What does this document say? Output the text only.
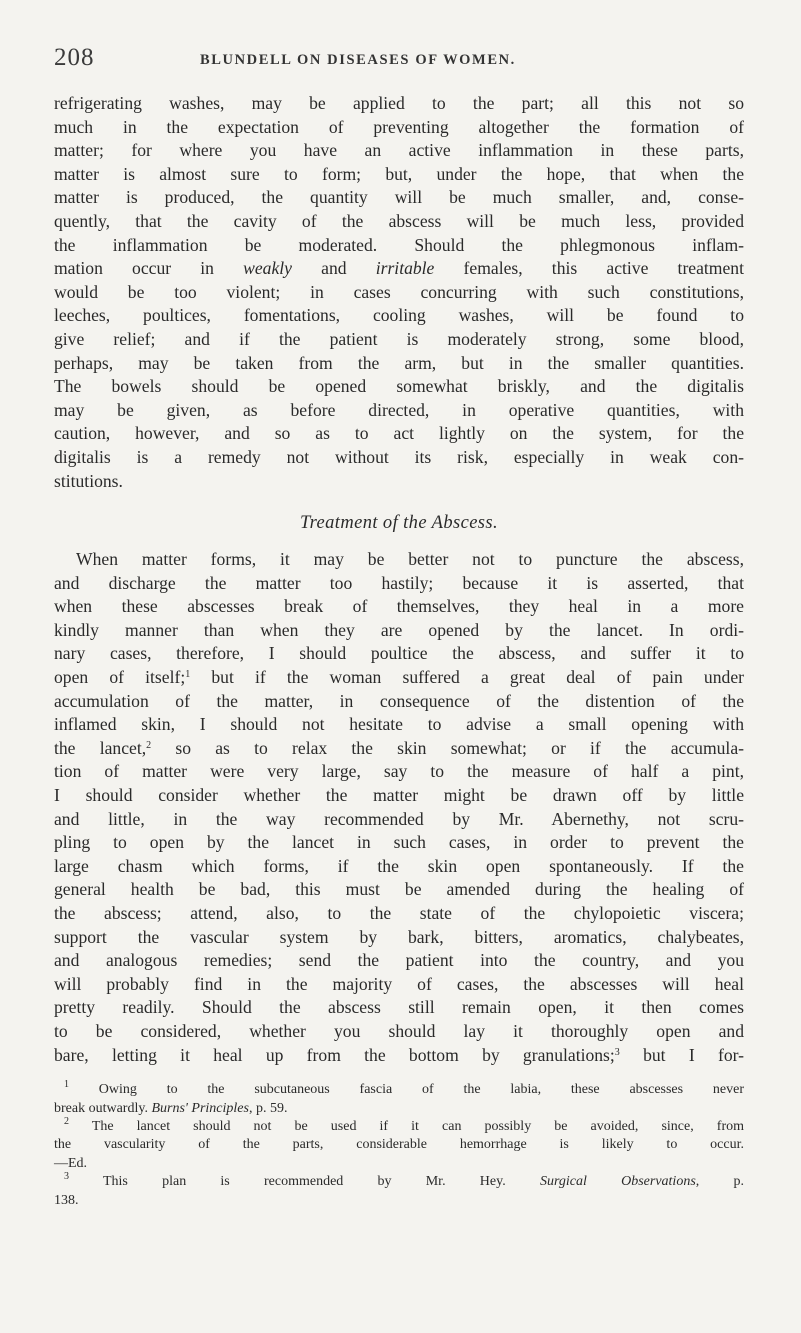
208	BLUNDELL ON DISEASES OF WOMEN.
refrigerating washes, may be applied to the part; all this not so
much in the expectation of preventing altogether the formation of
matter; for where you have an active inflammation in these parts,
matter is almost sure to form; but, under the hope, that when the
matter is produced, the quantity will be much smaller, and, conse-
quently, that the cavity of the abscess will be much less, provided
the inflammation be moderated. Should the phlegmonous inflam-
mation occur in weakly and irritable females, this active treatment
would be too violent; in cases concurring with such constitutions,
leeches, poultices, fomentations, cooling washes, will be found to
give relief; and if the patient is moderately strong, some blood,
perhaps, may be taken from the arm, but in the smaller quantities.
The bowels should be opened somewhat briskly, and the digitalis
may be given, as before directed, in operative quantities, with
caution, however, and so as to act lightly on the system, for the
digitalis is a remedy not without its risk, especially in weak con-
stitutions.
Treatment of the Abscess.
When matter forms, it may be better not to puncture the abscess,
and discharge the matter too hastily; because it is asserted, that
when these abscesses break of themselves, they heal in a more
kindly manner than when they are opened by the lancet. In ordi-
nary cases, therefore, I should poultice the abscess, and suffer it to
open of itself;$^1$ but if the woman suffered a great deal of pain under
accumulation of the matter, in consequence of the distention of the
inflamed skin, I should not hesitate to advise a small opening with
the lancet,$^2$ so as to relax the skin somewhat; or if the accumula-
tion of matter were very large, say to the measure of half a pint,
I should consider whether the matter might be drawn off by little
and little, in the way recommended by Mr. Abernethy, not scru-
pling to open by the lancet in such cases, in order to prevent the
large chasm which forms, if the skin open spontaneously. If the
general health be bad, this must be amended during the healing of
the abscess; attend, also, to the state of the chylopoietic viscera;
support the vascular system by bark, bitters, aromatics, chalybeates,
and analogous remedies; send the patient into the country, and you
will probably find in the majority of cases, the abscesses will heal
pretty readily. Should the abscess still remain open, it then comes
to be considered, whether you should lay it thoroughly open and
bare, letting it heal up from the bottom by granulations;$^3$ but I for-
$^1$ Owing to the subcutaneous fascia of the labia, these abscesses never
break outwardly. Burns' Principles, p. 59.
$^2$ The lancet should not be used if it can possibly be avoided, since, from
the vascularity of the parts, considerable hemorrhage is likely to occur.
—Ed.
$^3$ This plan is recommended by Mr. Hey. Surgical Observations, p.
138.
